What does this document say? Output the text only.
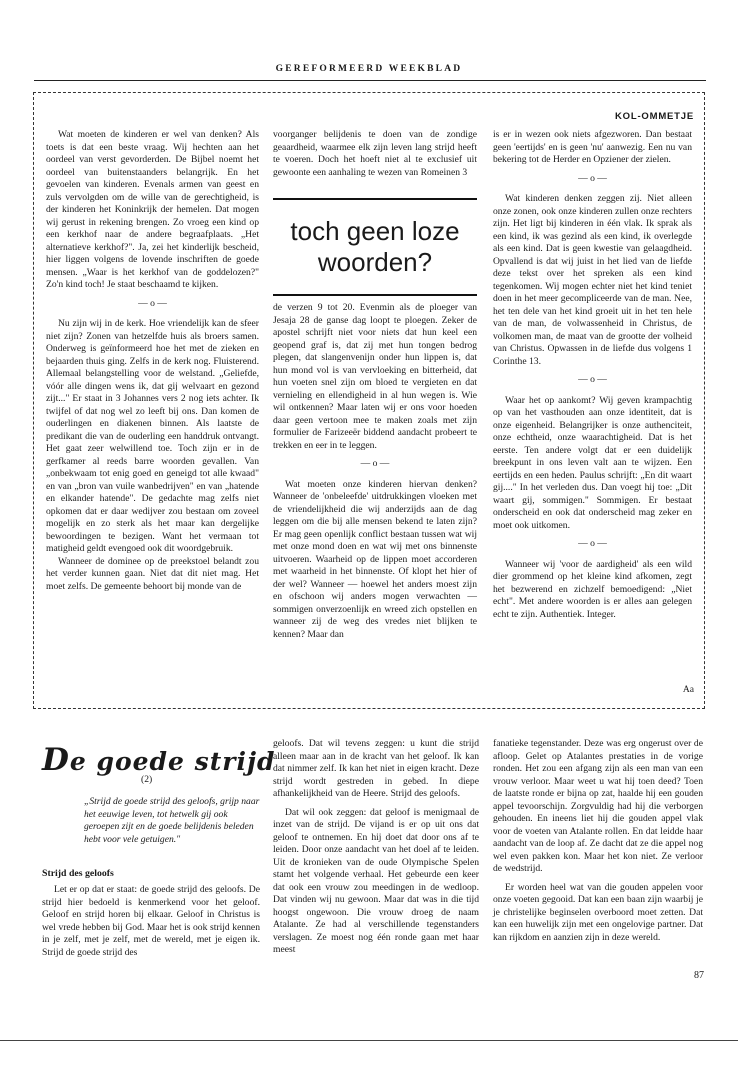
GEREFORMEERD WEEKBLAD
KOL-OMMETJE

Wat moeten de kinderen er wel van denken? Als toets is dat een beste vraag. Wij hechten aan het oordeel van verst gevorderden. De Bijbel noemt het oordeel van buitenstaanders belangrijk. En het gevoelen van kinderen. Evenals armen van geest en zuls vervolgden om de wille van de gerechtigheid, is der kinderen het Koninkrijk der hemelen. Dat mogen wij gerust in rekening brengen. Zo vroeg een kind op een kerkhof naar de andere begraafplaats. „Het alternatieve kerkhof?". Ja, zei het kinderlijk bescheid, hier liggen volgens de lovende inschriften de goede mensen. „Waar is het kerkhof van de goddelozen?" Zo'n kind toch! Je staat beschaamd te kijken.

— o —

Nu zijn wij in de kerk. Hoe vriendelijk kan de sfeer niet zijn? Zonen van hetzelfde huis als broers samen. Onderweg is geïnformeerd hoe het met de zieken en bejaarden thuis ging. Zelfs in de kerk nog. Fluisterend. Allemaal belangstelling voor de welstand. „Geliefde, vóór alle dingen wens ik, dat gij welvaart en gezond zijt..." Er staat in 3 Johannes vers 2 nog iets achter. Ik twijfel of dat nog wel zo leeft bij ons. Dan komen de ouderlingen en diakenen binnen. Als laatste de predikant die van de ouderling een handdruk ontvangt. Het gaat zeer welwillend toe. Toch zijn er in de gerfkamer al reeds barre woorden gevallen. Van „onbekwaam tot enig goed en geneigd tot alle kwaad" en van „bron van vuile wanbedrijven" en van „hatende en elkander hatende". De gedachte mag zelfs niet opkomen dat er daar wedijver zou bestaan om zoveel mogelijk en zo sterk als het maar kan dergelijke bewoordingen te bezigen. Want het vermaan tot matigheid geldt evengoed ook dit woordgebruik.

Wanneer de dominee op de preekstoel belandt zou het verder kunnen gaan. Niet dat dit niet mag. Het moet zelfs. De gemeente behoort bij monde van de

voorganger belijdenis te doen van de zondige geaardheid, waarmee elk zijn leven lang strijd heeft te voeren. Doch het hoeft niet al te exclusief uit gewoonte een aanhaling te wezen van Romeinen 3

toch geen loze
woorden?

de verzen 9 tot 20. Evenmin als de ploeger van Jesaja 28 de ganse dag loopt te ploegen. Zeker de apostel schrijft niet voor niets dat hun keel een geopend graf is, dat zij met hun tongen bedrog plegen, dat slangenvenijn onder hun lippen is, dat hun mond vol is van vervloeking en bitterheid, dat hun voeten snel zijn om bloed te vergieten en dat vernieling en ellendigheid in al hun wegen is. Wie wil ontkennen? Maar laten wij er ons voor hoeden daar geen vertoon mee te maken zoals met zijn formulier de Farizeeër biddend aandacht probeert te trekken en eer in te leggen.

— o —

Wat moeten onze kinderen hiervan denken? Wanneer de 'onbeleefde' uitdrukkingen vloeken met de vriendelijkheid die wij anderzijds aan de dag leggen om die bij alle mensen bekend te laten zijn? Er mag geen openlijk conflict bestaan tussen wat wij met onze mond doen en wat wij met ons binnenste uitvoeren. Waarheid op de lippen moet accorderen met waarheid in het binnenste. Of klopt het hier of der wel? Wanneer — hoewel het anders moest zijn en ofschoon wij anders mogen verwachten — sommigen onverzoenlijk en wreed zich opstellen en wanneer zij de weg des vredes niet blijken te kennen? Maar dan

is er in wezen ook niets afgezworen. Dan bestaat geen 'eertijds' en is geen 'nu' aanwezig. Een nu van bekering tot de Herder en Opziener der zielen.

— o —

Wat kinderen denken zeggen zij. Niet alleen onze zonen, ook onze kinderen zullen onze rechters zijn. Het ligt bij kinderen in één vlak. Ik sprak als een kind, ik was gezind als een kind, ik overlegde als een kind. Dat is geen kwestie van gelaagdheid. Opvallend is dat wij juist in het lied van de liefde deze tekst over het spreken als een kind tegenkomen. Wij mogen echter niet het kind teniet doen in het meer gecompliceerde van de man. Nee, het ten dele van het kind groeit uit in het ten hele van de man, de volwassenheid in Christus, de volkomen man, de maat van de grootte der volheid van Christus. Opwassen in de liefde dus volgens 1 Corinthe 13.

— o —

Waar het op aankomt? Wij geven krampachtig op van het vasthouden aan onze identiteit, dat is onze eigenheid. Belangrijker is onze authenciteit, onze echtheid, onze waarachtigheid. Dat is het eerste. Ten andere volgt dat er een duidelijk breekpunt in ons leven valt aan te wijzen. Een eertijds en een heden. Paulus schrijft: „En dit waart gij...." In het verleden dus. Dan voegt hij toe: „Dit waart gij, sommigen." Sommigen. Er bestaat onderscheid en ook dat onderscheid mag zeker en moet ook uitkomen.

— o —

Wanneer wij 'voor de aardigheid' als een wild dier grommend op het kleine kind afkomen, zegt het bezwerend en zichzelf bemoedigend: „Niet echt". Met andere woorden is er alles aan gelegen echt te zijn. Authentiek. Integer.

Aa
De goede strijd
(2)
„Strijd de goede strijd des geloofs, grijp naar het eeuwige leven, tot hetwelk gij ook geroepen zijt en de goede belijdenis beleden hebt voor vele getuigen."
Strijd des geloofs

Let er op dat er staat: de goede strijd des geloofs. De strijd hier bedoeld is kenmerkend voor het geloof. Geloof en strijd horen bij elkaar. Geloof in Christus is wel vrede hebben bij God. Maar het is ook strijd kennen in je zelf, met je zelf, met de wereld, met je eigen ik. Strijd de goede strijd des

geloofs. Dat wil tevens zeggen: u kunt die strijd alleen maar aan in de kracht van het geloof. Ik kan dat nimmer zelf. Ik kan het niet in eigen kracht. Deze strijd wordt gestreden in gebed. In diepe afhankelijkheid van de Heere. Strijd des geloofs.

Dat wil ook zeggen: dat geloof is menigmaal de inzet van de strijd. De vijand is er op uit ons dat geloof te ontnemen. En hij doet dat door ons af te leiden. Door onze aandacht van het doel af te leiden. Uit de kronieken van de oude Olympische Spelen stamt het volgende verhaal. Het gebeurde een keer dat ook een vrouw zou meedingen in de wedloop. Dat vinden wij nu gewoon. Maar dat was in die tijd hoogst ongewoon. Die vrouw droeg de naam Atalante. Ze had al verschillende tegenstanders verslagen. Ze moest nog één ronde gaan met haar meest

fanatieke tegenstander. Deze was erg ongerust over de afloop. Gelet op Atalantes prestaties in de vorige ronden. Het zou een afgang zijn als een man van een vrouw verloor. Maar weet u wat hij toen deed? Toen de laatste ronde er bijna op zat, haalde hij een gouden appel tevoorschijn. Zorgvuldig had hij die verborgen gehouden. En ineens liet hij die gouden appel vlak voor de voeten van Atalante rollen. En dat leidde haar aandacht van de loop af. Ze dacht dat ze die appel nog wel even pakken kon. Maar het kon niet. Ze verloor de wedstrijd.

Er worden heel wat van die gouden appelen voor onze voeten gegooid. Dat kan een baan zijn waarbij je je christelijke beginselen overboord moet zetten. Dat kan een huwelijk zijn met een ongelovige partner. Dat kan rijkdom en aanzien zijn in deze wereld.

87
